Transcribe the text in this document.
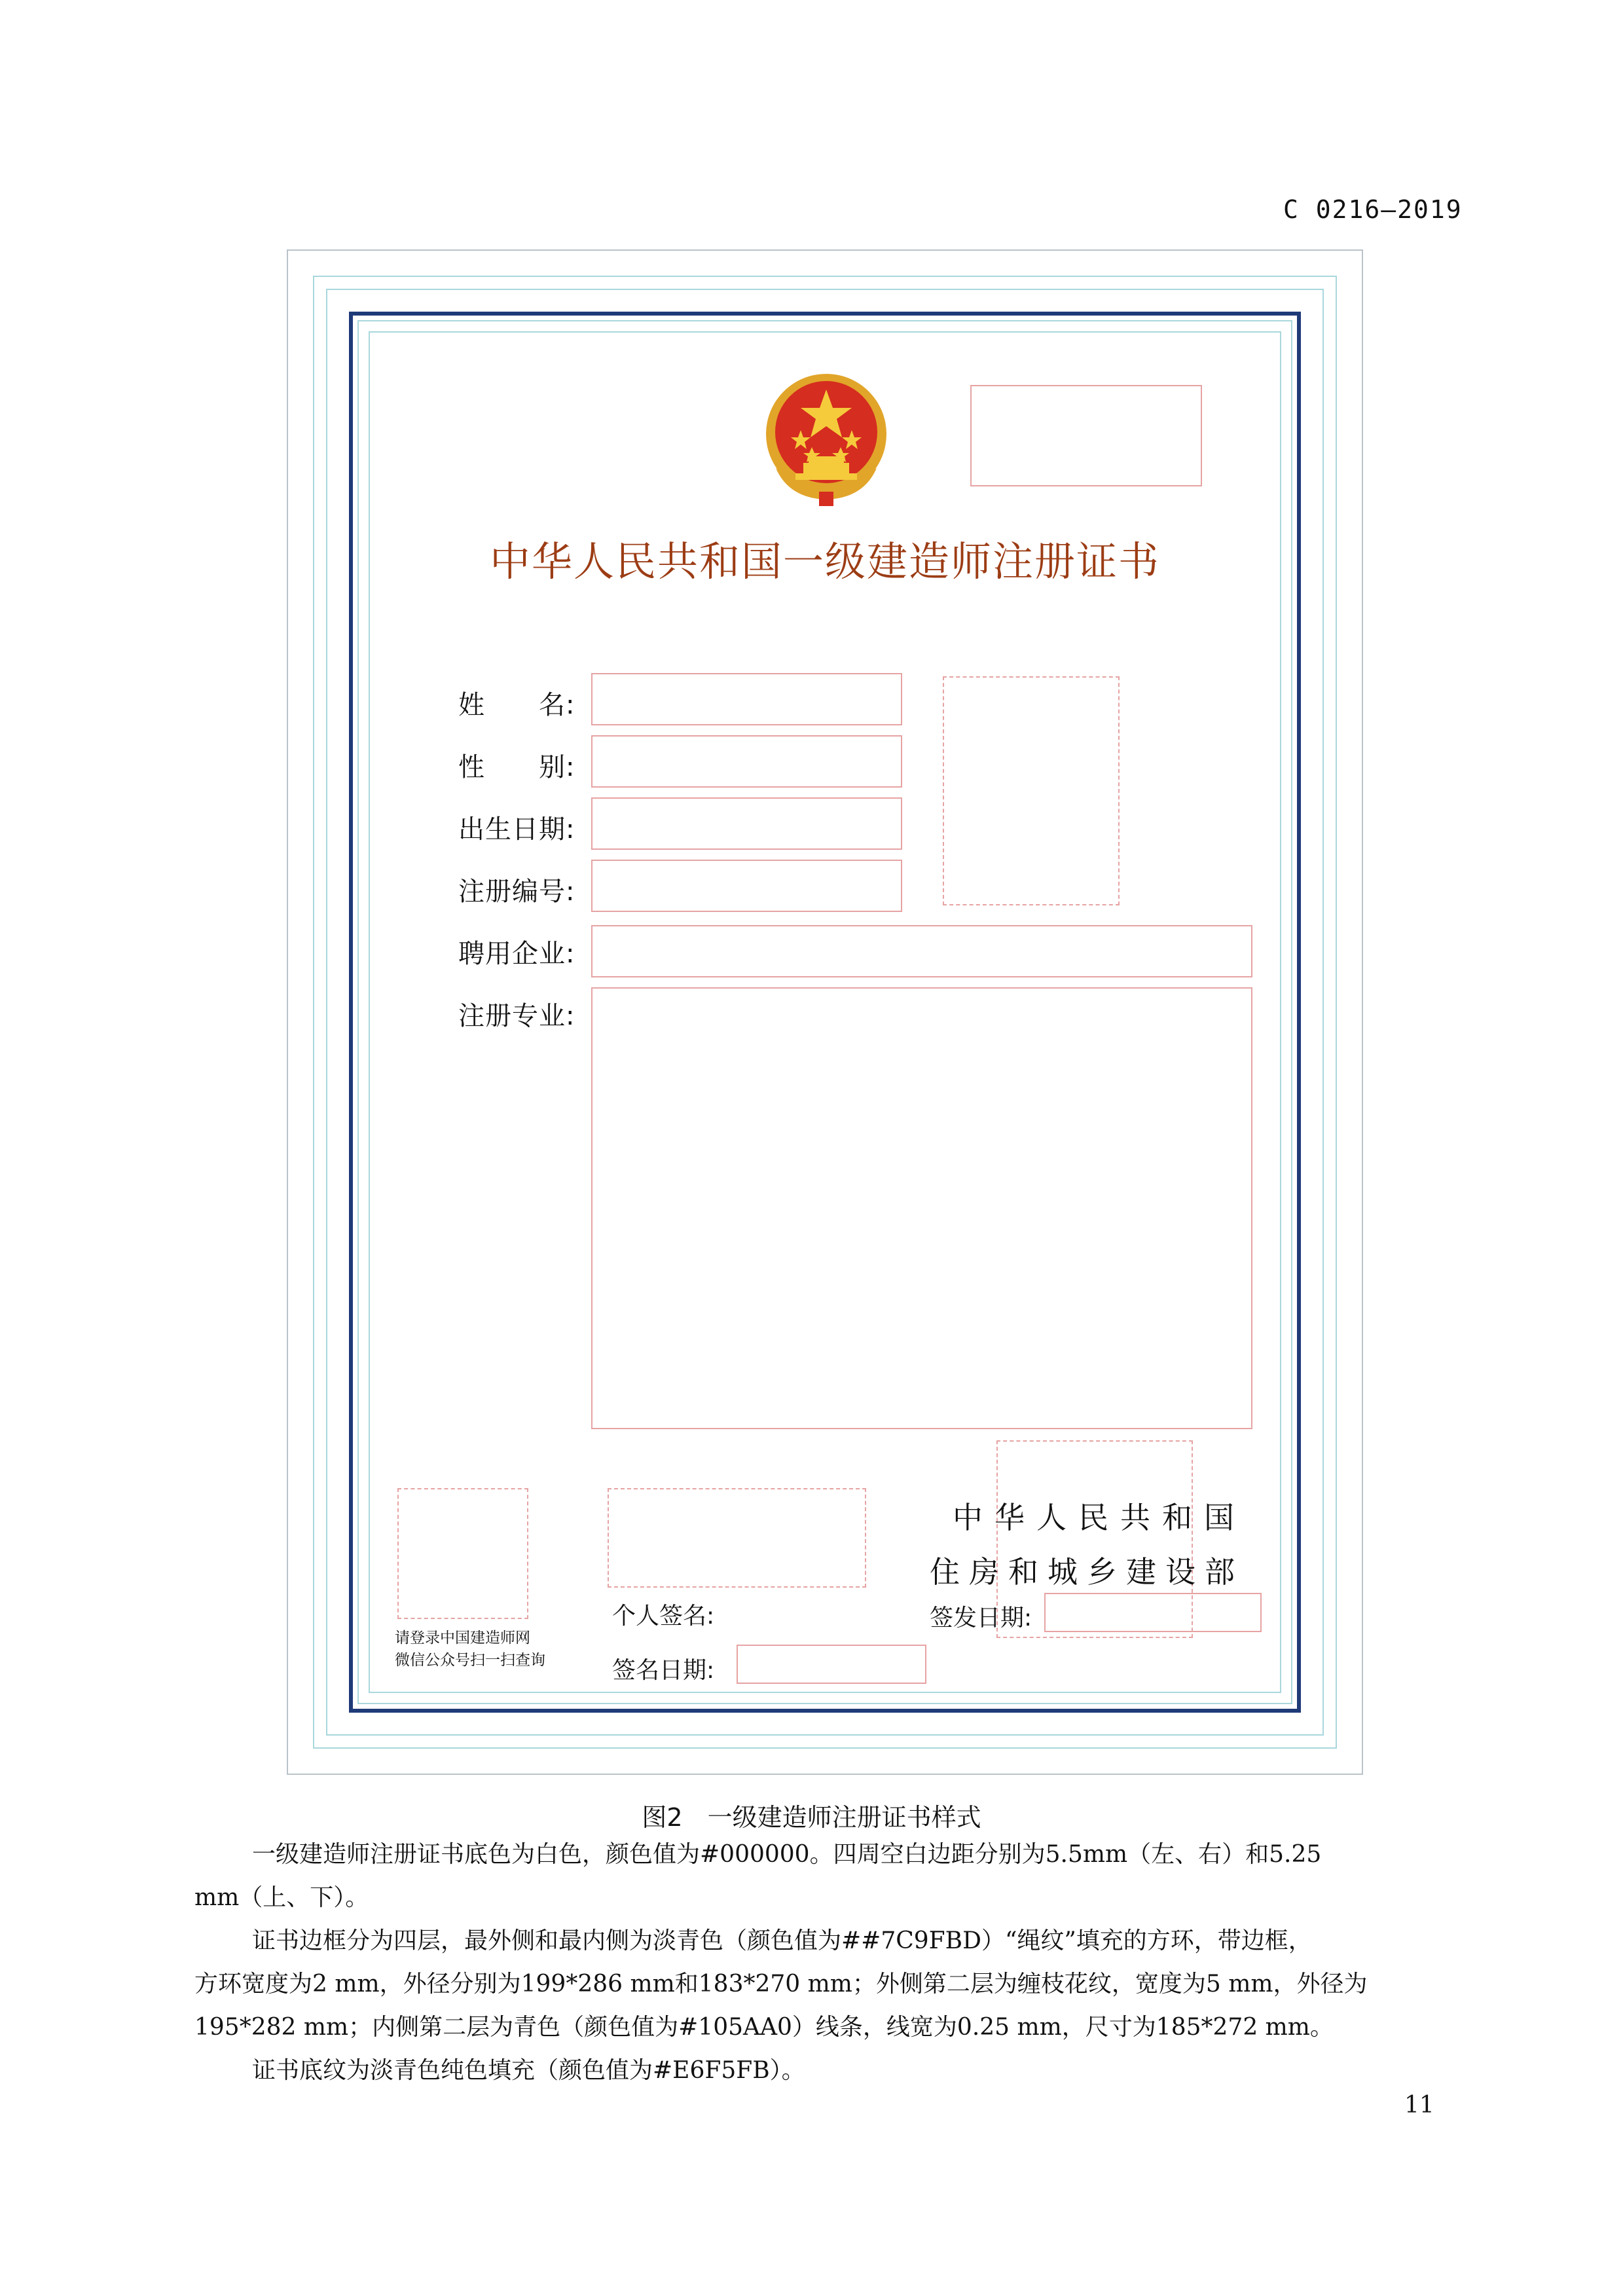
C 0216—2019
中华人民共和国一级建造师注册证书
姓　　名:
性　　别:
出生日期:
注册编号:
聘用企业:
注册专业:
请登录中国建造师网
微信公众号扫一扫查询
个人签名:
签名日期:
中华人民共和国
住房和城乡建设部
签发日期:
图2　一级建造师注册证书样式
一级建造师注册证书底色为白色，颜色值为#000000。四周空白边距分别为5.5mm（左、右）和5.25
mm（上、下）。
证书边框分为四层，最外侧和最内侧为淡青色（颜色值为##7C9FBD）“绳纹”填充的方环，带边框，
方环宽度为2 mm，外径分别为199*286 mm和183*270 mm；外侧第二层为缠枝花纹，宽度为5 mm，外径为
195*282 mm；内侧第二层为青色（颜色值为#105AA0）线条，线宽为0.25 mm，尺寸为185*272 mm。
证书底纹为淡青色纯色填充（颜色值为#E6F5FB）。
11
